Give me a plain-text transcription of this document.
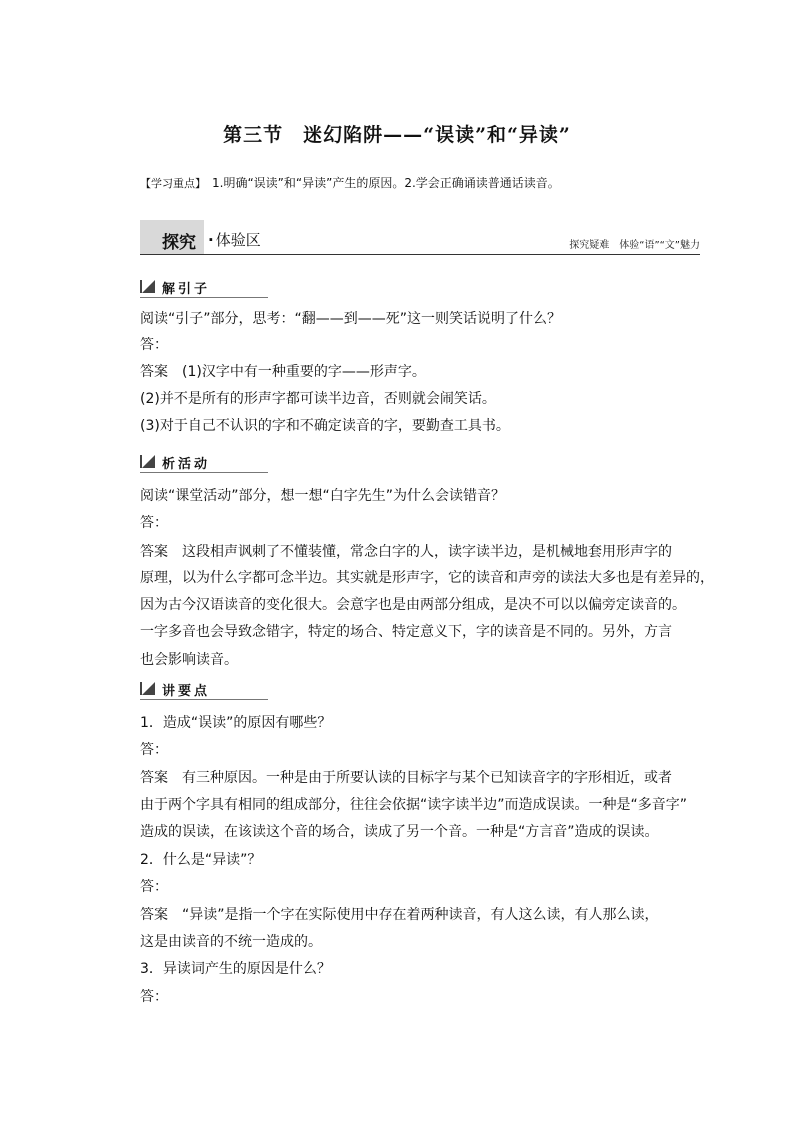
第三节 迷幻陷阱——“误读”和“异读”
【学习重点】 1.明确“误读”和“异读”产生的原因。2.学会正确诵读普通话读音。
探究 · 体验区	探究疑难　体验“语”“文”魅力
解引子
阅读“引子”部分，思考：“翻——到——死”这一则笑话说明了什么？
答：
答案 (1)汉字中有一种重要的字——形声字。
(2)并不是所有的形声字都可读半边音，否则就会闹笑话。
(3)对于自己不认识的字和不确定读音的字，要勤查工具书。
析活动
阅读“课堂活动”部分，想一想“白字先生”为什么会读错音？
答：
答案 这段相声讽刺了不懂装懂，常念白字的人，读字读半边，是机械地套用形声字的
原理，以为什么字都可念半边。其实就是形声字，它的读音和声旁的读法大多也是有差异的，
因为古今汉语读音的变化很大。会意字也是由两部分组成，是决不可以以偏旁定读音的。
一字多音也会导致念错字，特定的场合、特定意义下，字的读音是不同的。另外，方言
也会影响读音。
讲要点
1．造成“误读”的原因有哪些？
答：
答案 有三种原因。一种是由于所要认读的目标字与某个已知读音字的字形相近，或者
由于两个字具有相同的组成部分，往往会依据“读字读半边”而造成误读。一种是“多音字”
造成的误读，在该读这个音的场合，读成了另一个音。一种是“方言音”造成的误读。
2．什么是“异读”？
答：
答案 “异读”是指一个字在实际使用中存在着两种读音，有人这么读，有人那么读，
这是由读音的不统一造成的。
3．异读词产生的原因是什么？
答：
